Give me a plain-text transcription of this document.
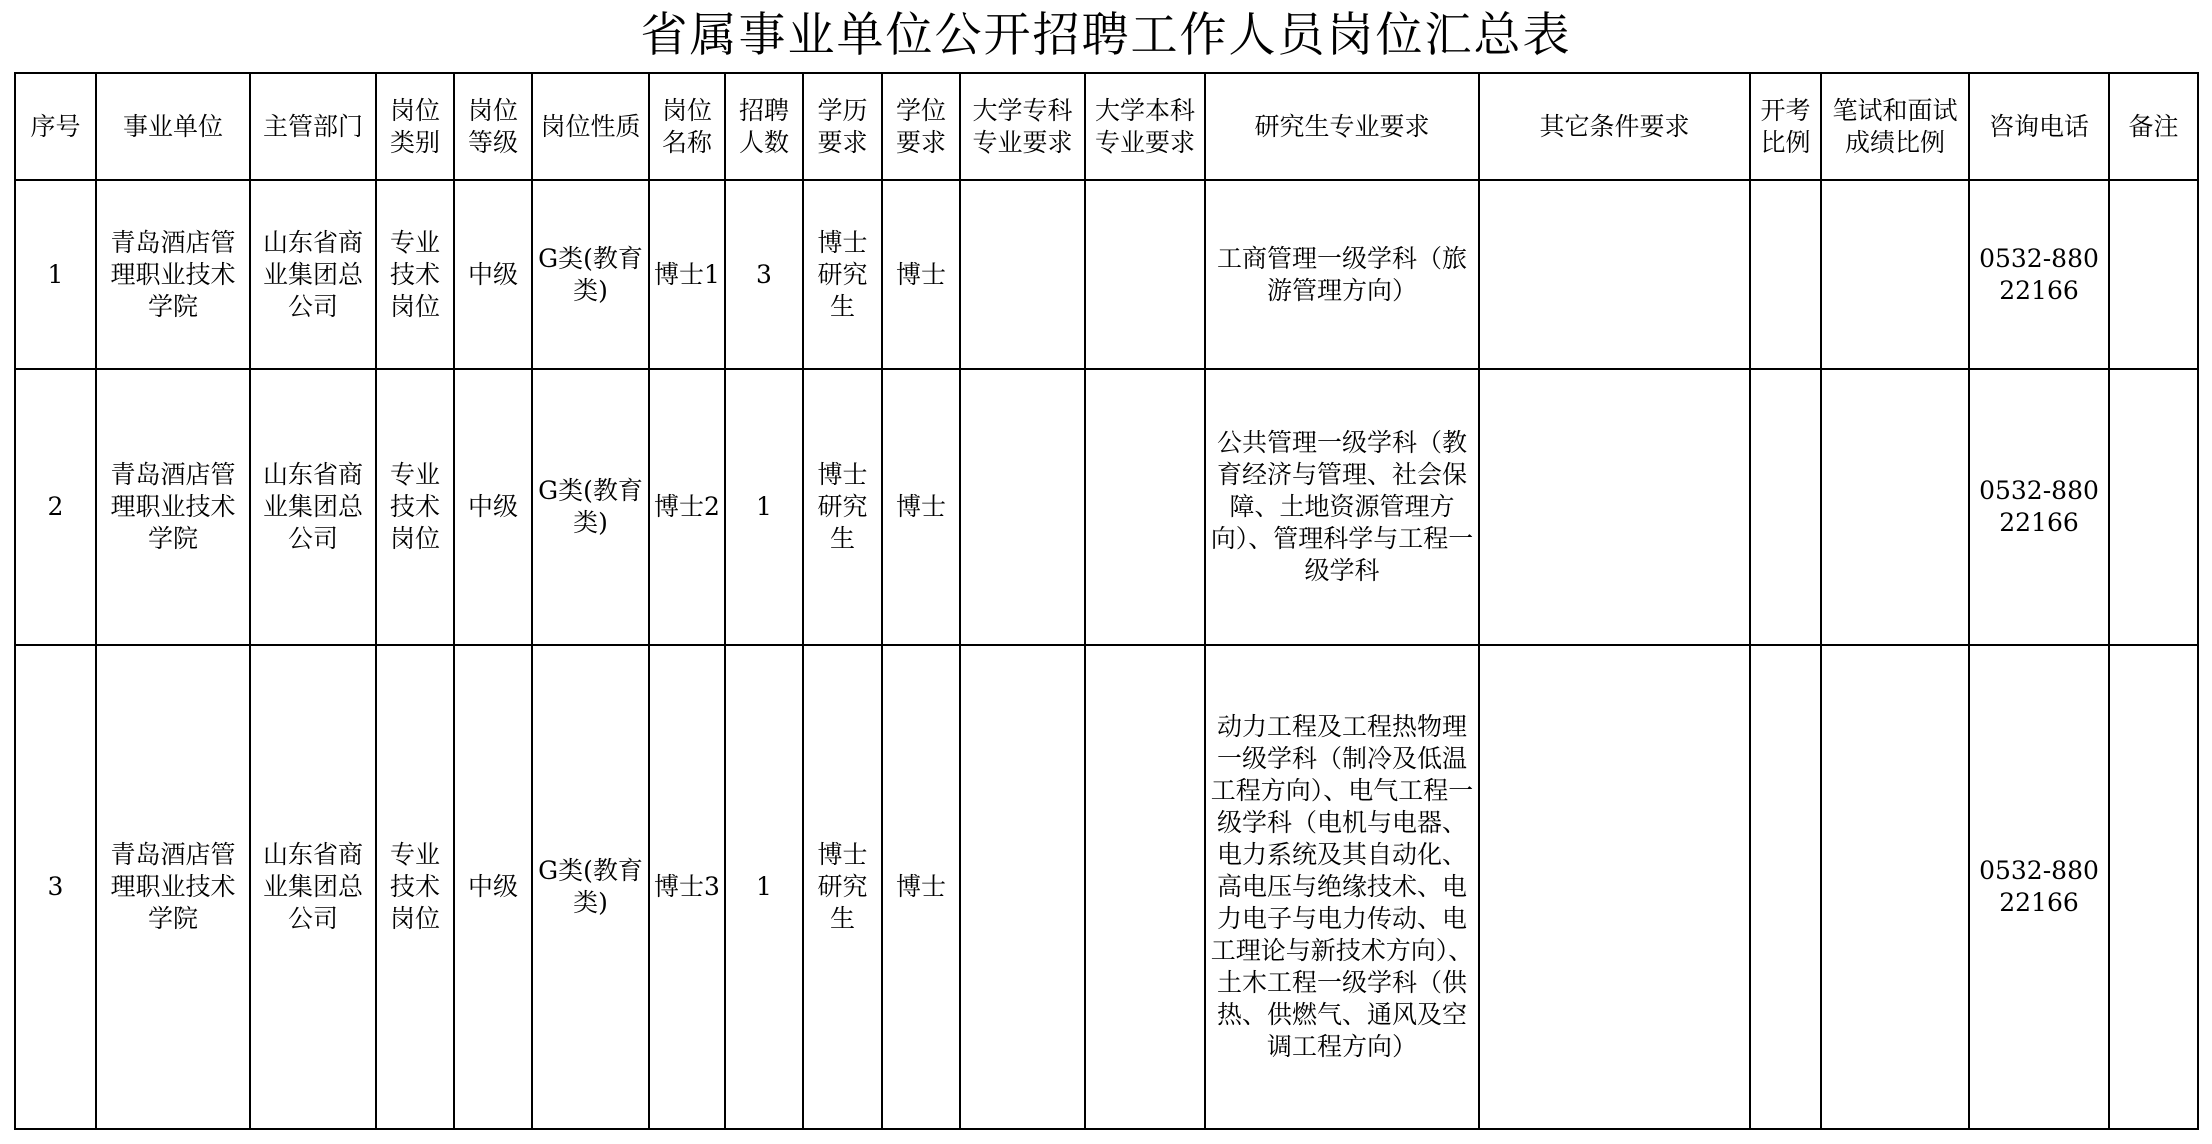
省属事业单位公开招聘工作人员岗位汇总表
序号	事业单位	主管部门	岗位类别	岗位等级	岗位性质	岗位名称	招聘人数	学历要求	学位要求	大学专科专业要求	大学本科专业要求	研究生专业要求	其它条件要求	开考比例	笔试和面试成绩比例	咨询电话	备注
1	青岛酒店管理职业技术学院	山东省商业集团总公司	专业技术岗位	中级	G类(教育类)	博士1	3	博士研究生	博士			工商管理一级学科（旅游管理方向）				0532-88022166	
2	青岛酒店管理职业技术学院	山东省商业集团总公司	专业技术岗位	中级	G类(教育类)	博士2	1	博士研究生	博士			公共管理一级学科（教育经济与管理、社会保障、土地资源管理方向）、管理科学与工程一级学科				0532-88022166	
3	青岛酒店管理职业技术学院	山东省商业集团总公司	专业技术岗位	中级	G类(教育类)	博士3	1	博士研究生	博士			动力工程及工程热物理一级学科（制冷及低温工程方向）、电气工程一级学科（电机与电器、电力系统及其自动化、高电压与绝缘技术、电力电子与电力传动、电工理论与新技术方向）、土木工程一级学科（供热、供燃气、通风及空调工程方向）				0532-88022166	
